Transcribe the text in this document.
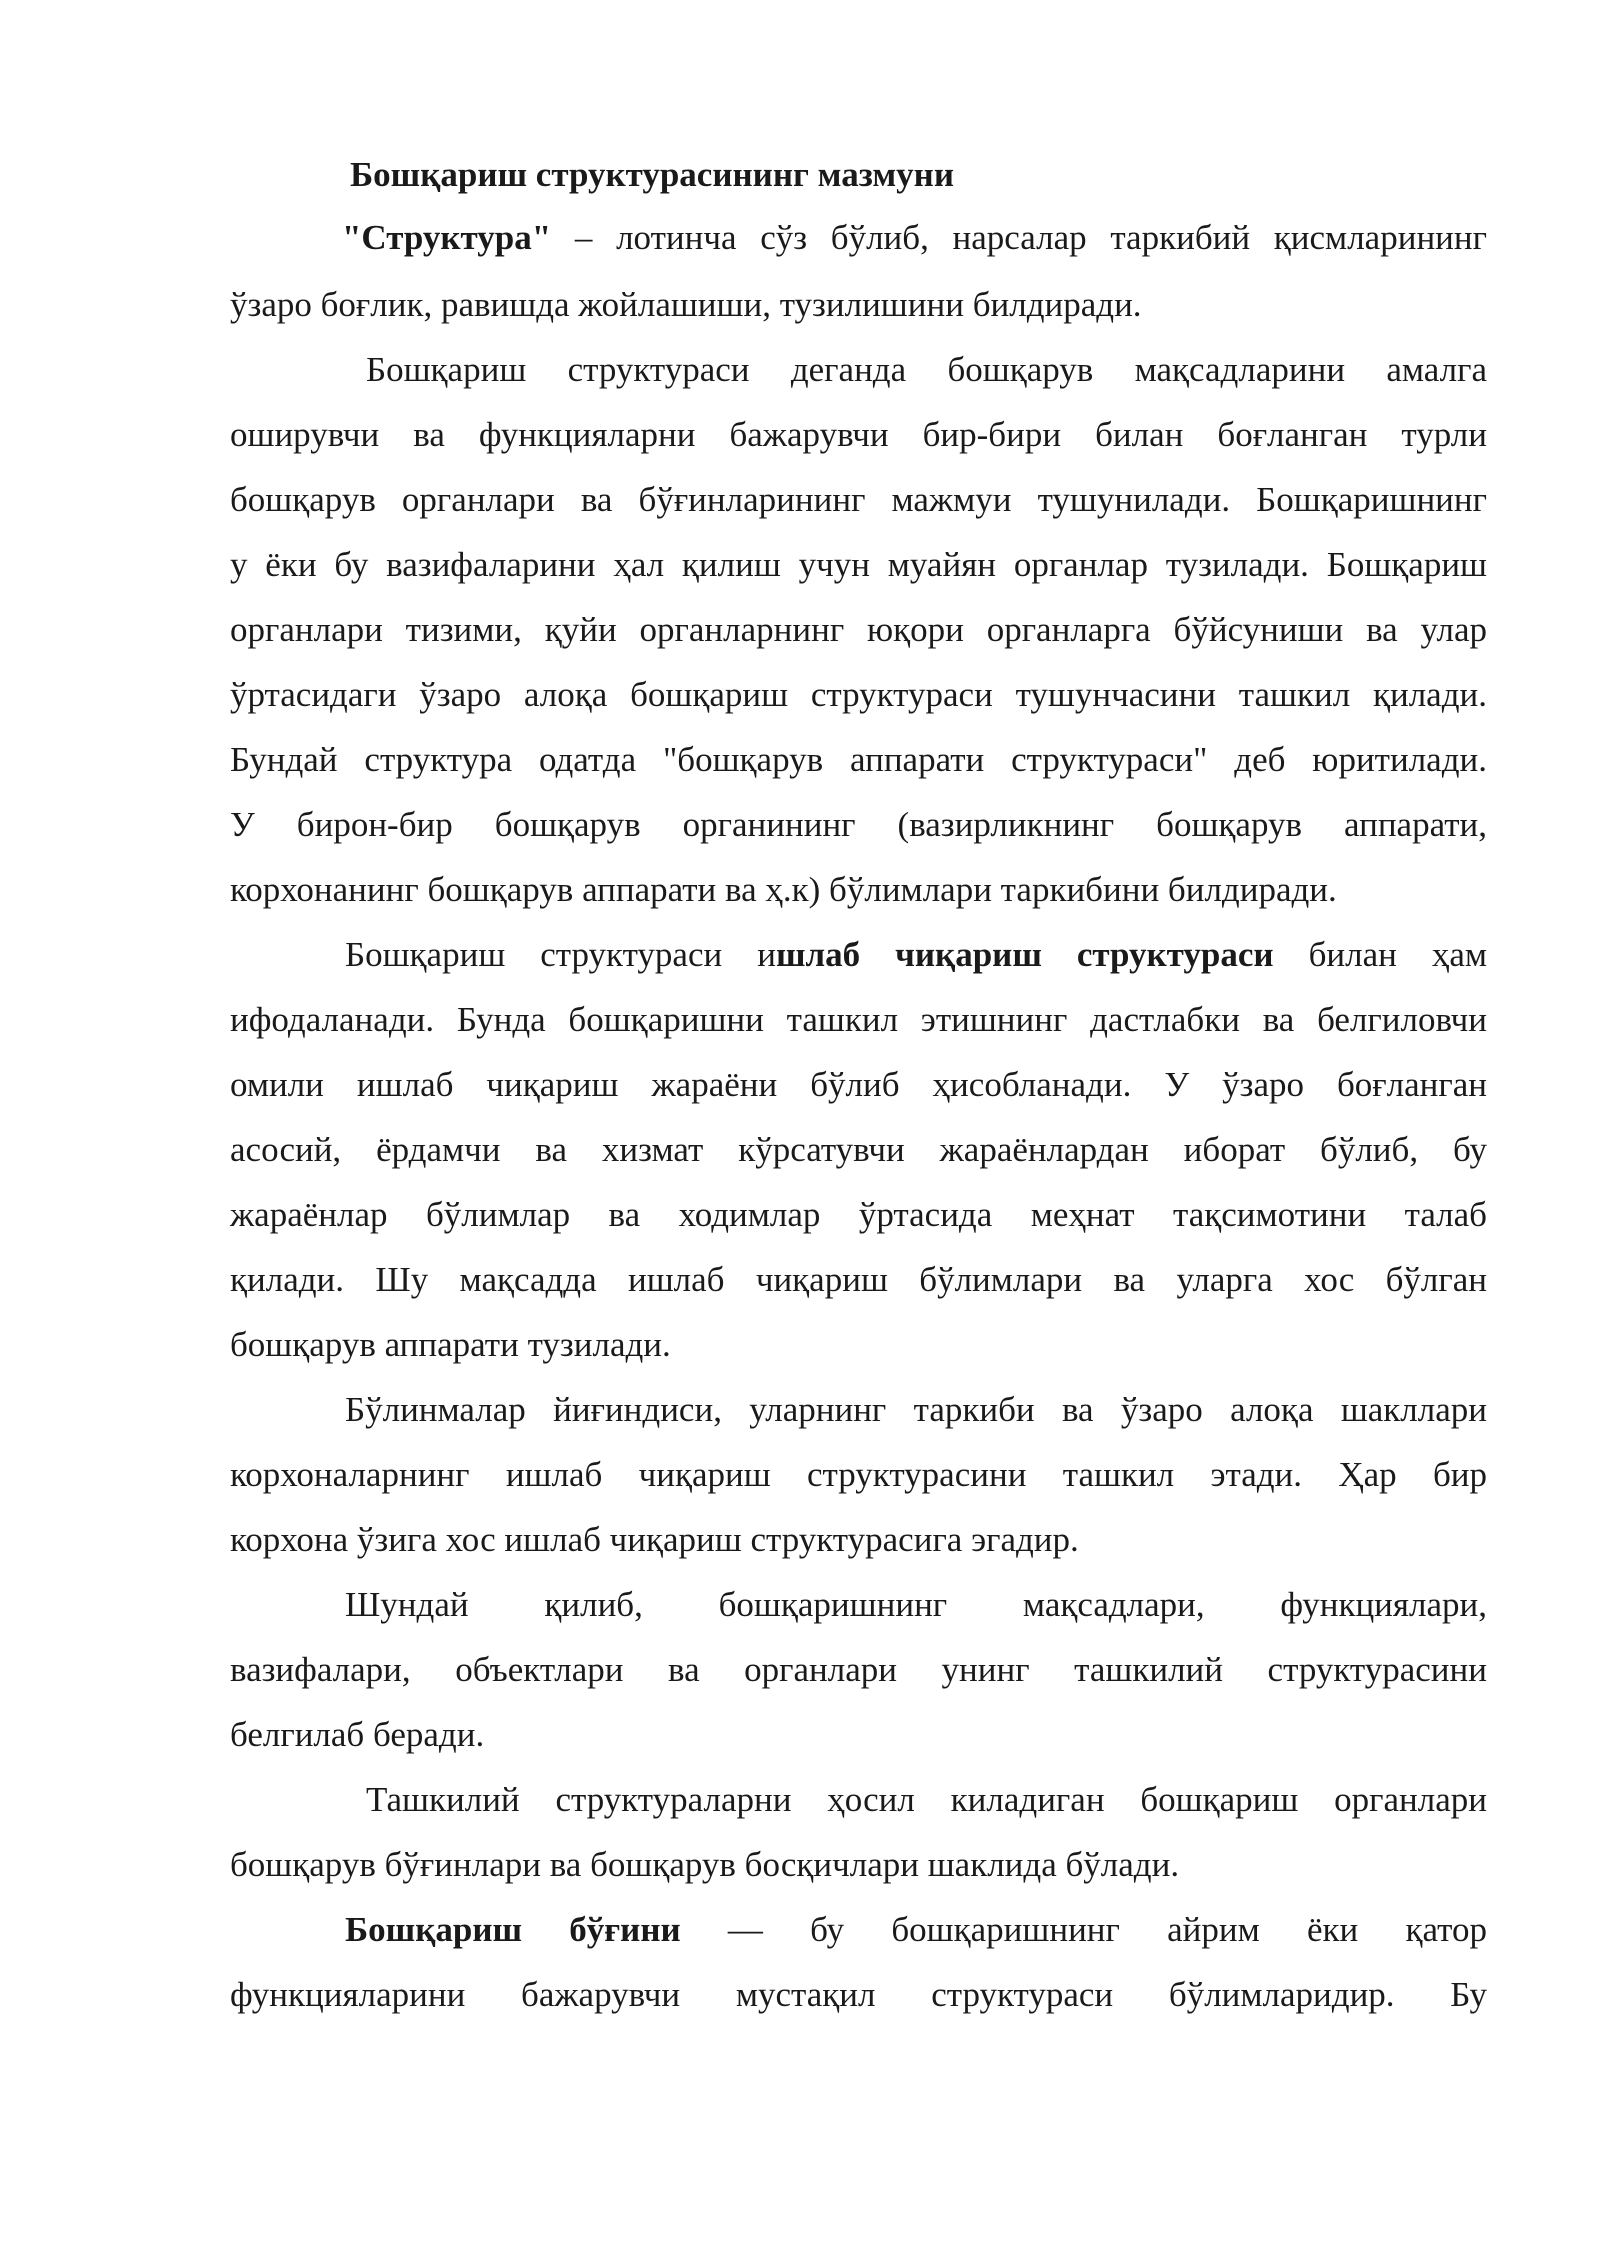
Бошқариш структурасининг мазмуни
"Структура" – лотинча сўз бўлиб, нарсалар таркибий қисмларининг
ўзаро боғлик, равишда жойлашиши, тузилишини билдиради.
Бошқариш структураси деганда бошқарув мақсадларини амалга
оширувчи ва функцияларни бажарувчи бир-бири билан боғланган турли
бошқарув органлари ва бўғинларининг мажмуи тушунилади. Бошқаришнинг
у ёки бу вазифаларини ҳал қилиш учун муайян органлар тузилади. Бошқариш
органлари тизими, қуйи органларнинг юқори органларга бўйсуниши ва улар
ўртасидаги ўзаро алоқа бошқариш структураси тушунчасини ташкил қилади.
Бундай структура одатда "бошқарув аппарати структураси" деб юритилади.
У бирон-бир бошқарув органининг (вазирликнинг бошқарув аппарати,
корхонанинг бошқарув аппарати ва ҳ.к) бўлимлари таркибини билдиради.
Бошқариш структураси ишлаб чиқариш структураси билан ҳам
ифодаланади. Бунда бошқаришни ташкил этишнинг дастлабки ва белгиловчи
омили ишлаб чиқариш жараёни бўлиб ҳисобланади. У ўзаро боғланган
асосий, ёрдамчи ва хизмат кўрсатувчи жараёнлардан иборат бўлиб, бу
жараёнлар бўлимлар ва ходимлар ўртасида меҳнат тақсимотини талаб
қилади. Шу мақсадда ишлаб чиқариш бўлимлари ва уларга хос бўлган
бошқарув аппарати тузилади.
Бўлинмалар йиғиндиси, уларнинг таркиби ва ўзаро алоқа шакллари
корхоналарнинг ишлаб чиқариш структурасини ташкил этади. Ҳар бир
корхона ўзига хос ишлаб чиқариш структурасига эгадир.
Шундай қилиб, бошқаришнинг мақсадлари, функциялари,
вазифалари, объектлари ва органлари унинг ташкилий структурасини
белгилаб беради.
Ташкилий структураларни ҳосил киладиган бошқариш органлари
бошқарув бўғинлари ва бошқарув босқичлари шаклида бўлади.
Бошқариш бўғини — бу бошқаришнинг айрим ёки қатор
функцияларини бажарувчи мустақил структураси бўлимларидир. Бу
